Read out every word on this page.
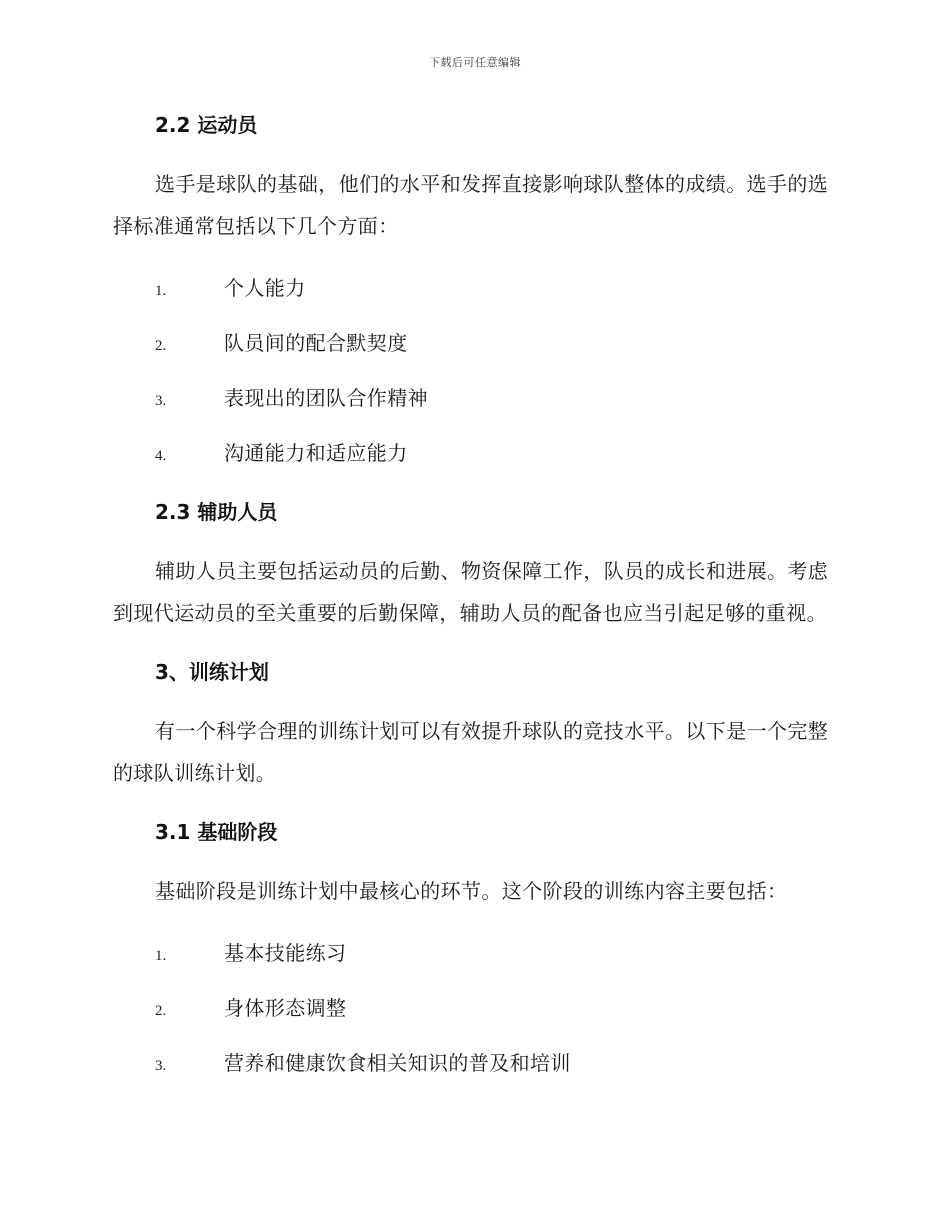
下载后可任意编辑
2.2 运动员

选手是球队的基础，他们的水平和发挥直接影响球队整体的成绩。选手的选择标准通常包括以下几个方面：

1.	个人能力
2.	队员间的配合默契度
3.	表现出的团队合作精神
4.	沟通能力和适应能力
2.3 辅助人员

辅助人员主要包括运动员的后勤、物资保障工作，队员的成长和进展。考虑到现代运动员的至关重要的后勤保障，辅助人员的配备也应当引起足够的重视。

3、训练计划

有一个科学合理的训练计划可以有效提升球队的竞技水平。以下是一个完整的球队训练计划。

3.1 基础阶段

基础阶段是训练计划中最核心的环节。这个阶段的训练内容主要包括：

1.	基本技能练习
2.	身体形态调整
3.	营养和健康饮食相关知识的普及和培训
